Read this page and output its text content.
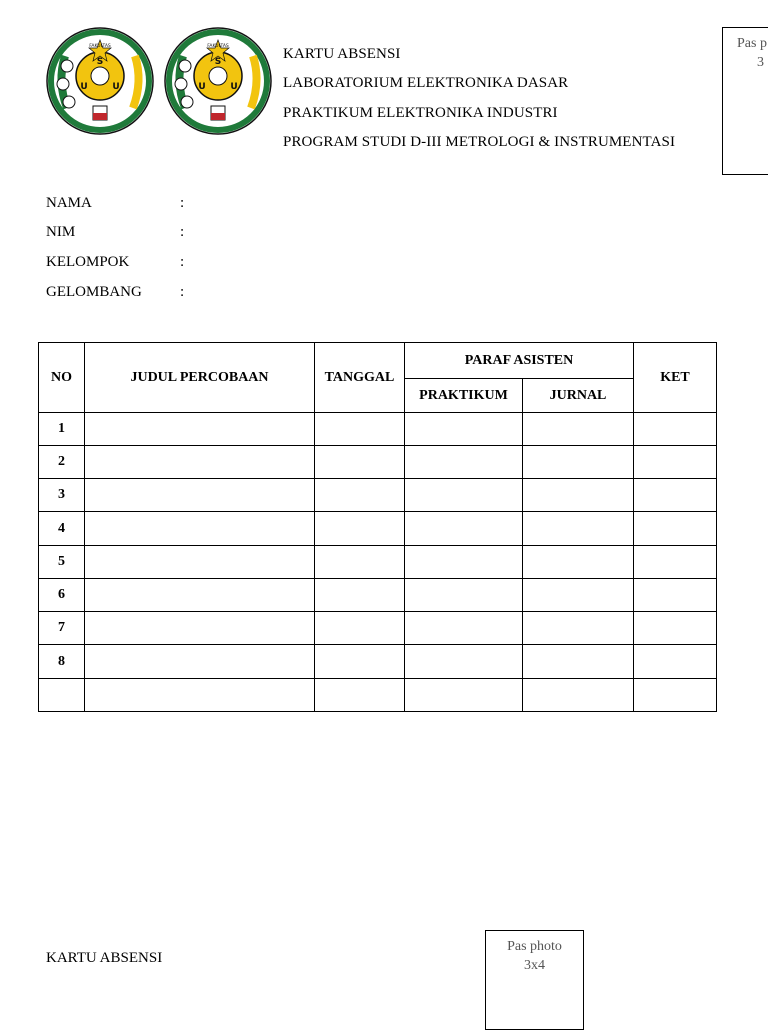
S
U	U
FAKULTAS
S
U	U
FAKULTAS	KARTU ABSENSI
LABORATORIUM ELEKTRONIKA DASAR
PRAKTIKUM ELEKTRONIKA INDUSTRI
PROGRAM STUDI D-III METROLOGI & INSTRUMENTASI
Pas p
3
NAMA	:
NIM	:
KELOMPOK	:
GELOMBANG	:
NO	JUDUL PERCOBAAN	TANGGAL	PARAF ASISTEN		KET
			PRAKTIKUM	JURNAL	
1					
2					
3					
4					
5					
6					
7					
8					

KARTU ABSENSI
Pas photo
3x4
